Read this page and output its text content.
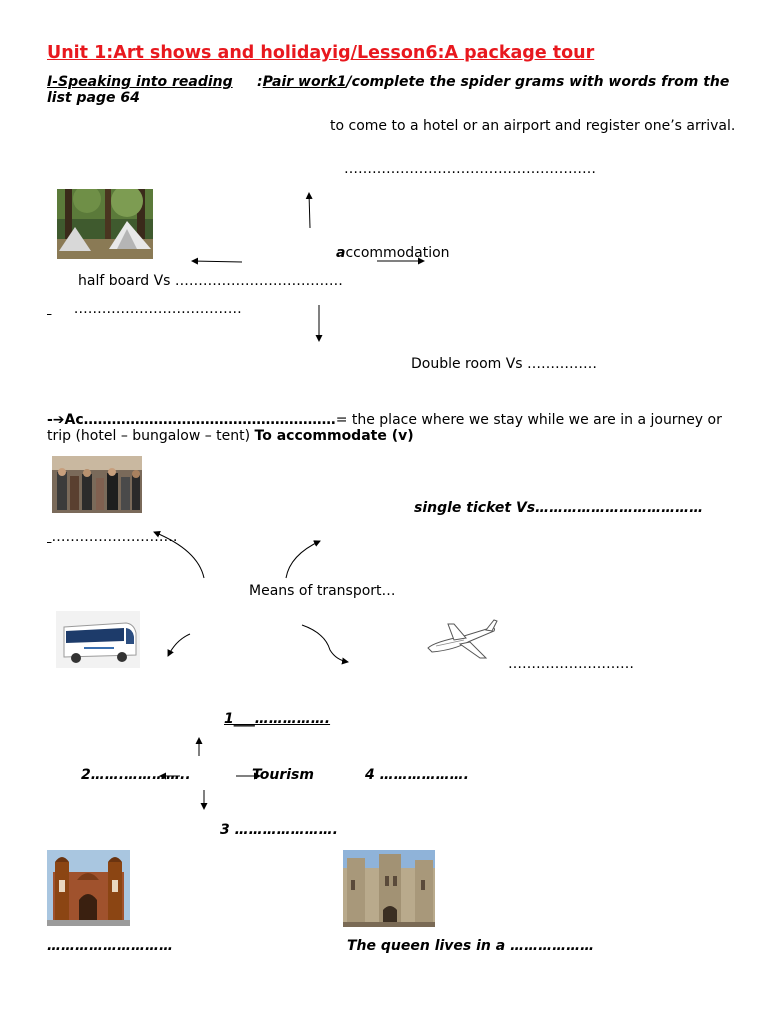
Unit 1:Art shows and holidayig/Lesson6:A package tour
I-Speaking into reading     :Pair work1/complete the spider grams with words from the list page 64
to come to a hotel or an airport and register one’s arrival.
………………………………………………
accommodation
half board Vs ………………………………
………………………………
Double room Vs ……………
-➔Ac………………………………………………= the place where we stay while we are in a journey or trip (hotel – bungalow – tent) To accommodate (v)
single ticket Vs………………………………
………………………
Means of transport…
………………………
1___…………….
2…….…………..	Tourism	4 ……………….
3 ………………….
………………………	The queen lives in a ………………
